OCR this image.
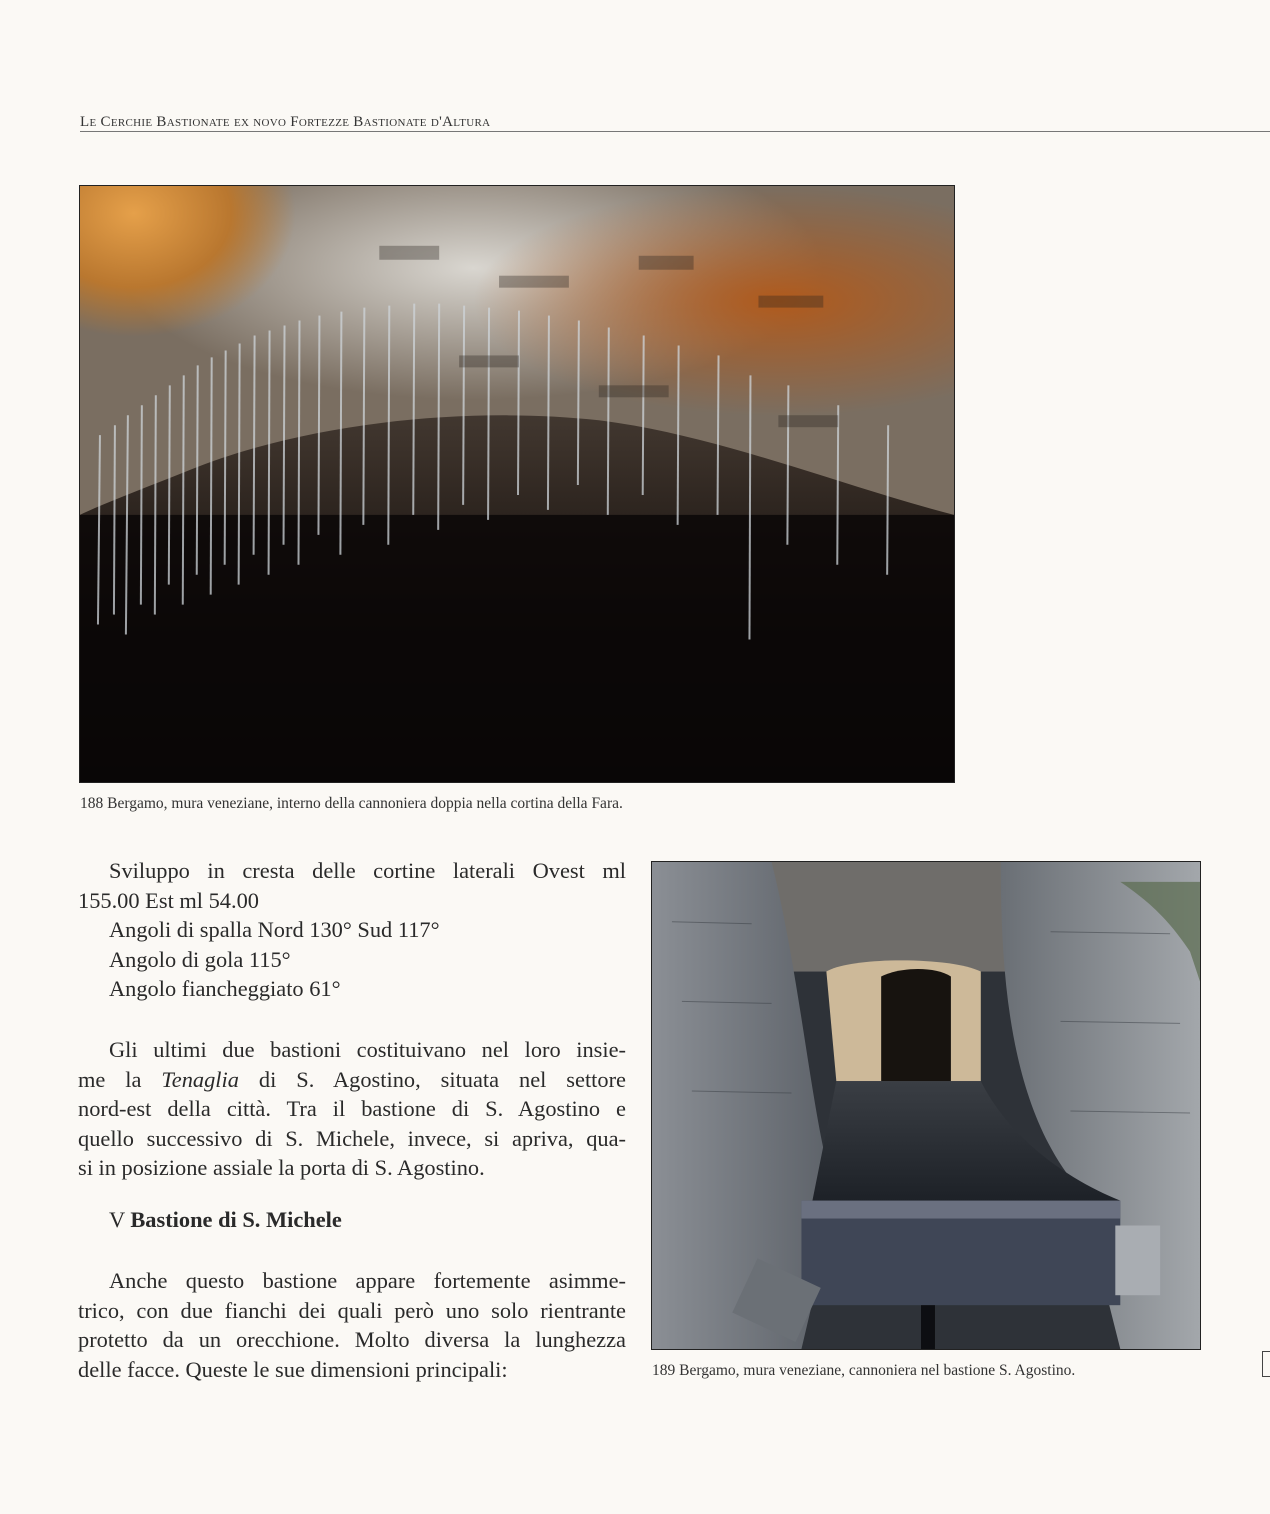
Le Cerchie Bastionate ex novo Fortezze Bastionate d'Altura
188 Bergamo, mura veneziane, interno della cannoniera doppia nella cortina della Fara.
189 Bergamo, mura veneziane, cannoniera nel bastione S. Agostino.
Sviluppo in cresta delle cortine laterali Ovest ml
155.00 Est ml 54.00
Angoli di spalla Nord 130° Sud 117°
Angolo di gola 115°
Angolo fiancheggiato 61°
Gli ultimi due bastioni costituivano nel loro insie-
me la Tenaglia di S. Agostino, situata nel settore
nord-est della città. Tra il bastione di S. Agostino e
quello successivo di S. Michele, invece, si apriva, qua-
si in posizione assiale la porta di S. Agostino.
V Bastione di S. Michele
Anche questo bastione appare fortemente asimme-
trico, con due fianchi dei quali però uno solo rientrante
protetto da un orecchione. Molto diversa la lunghezza
delle facce. Queste le sue dimensioni principali:
